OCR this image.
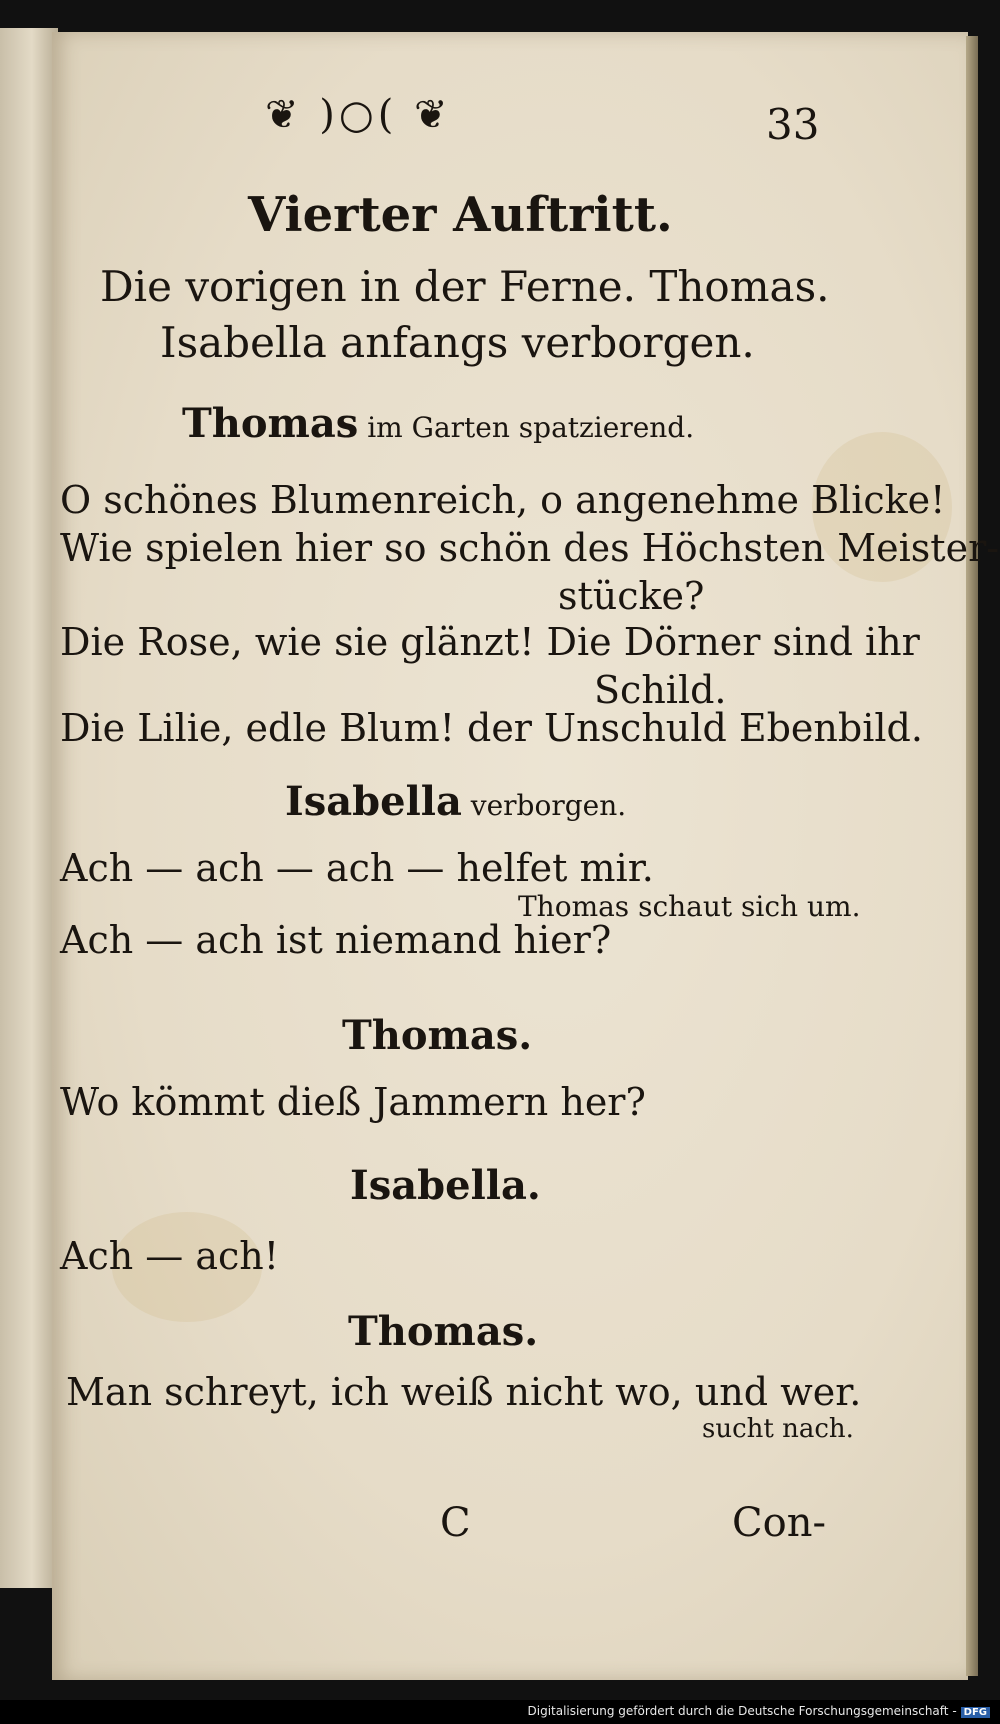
❦ )○( ❦	33
Vierter Auftritt.
Die vorigen in der Ferne. Thomas.
Isabella anfangs verborgen.
Thomas im Garten spatzierend.
O schönes Blumenreich, o angenehme Blicke!
Wie spielen hier so schön des Höchsten Meister-
stücke?
Die Rose, wie sie glänzt! Die Dörner sind ihr
Schild.
Die Lilie, edle Blum! der Unschuld Ebenbild.
Isabella verborgen.
Ach — ach — ach — helfet mir.
Thomas schaut sich um.
Ach — ach ist niemand hier?
Thomas.
Wo kömmt dieß Jammern her?
Isabella.
Ach — ach!
Thomas.
Man schreyt, ich weiß nicht wo, und wer.
sucht nach.
C	Con-
Digitalisierung gefördert durch die Deutsche Forschungsgemeinschaft - DFG
